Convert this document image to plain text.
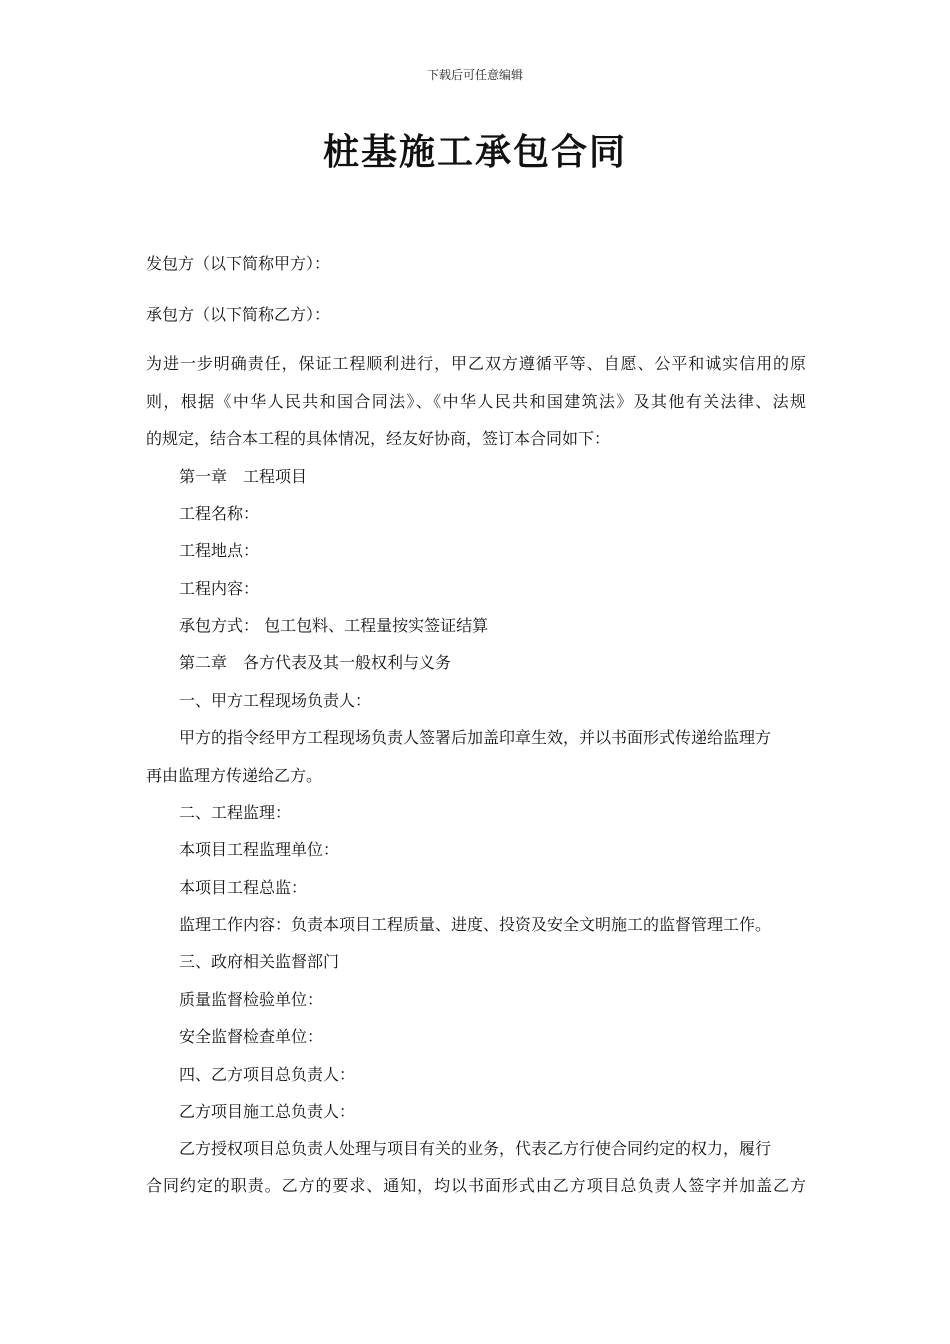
下载后可任意编辑
桩基施工承包合同

发包方（以下简称甲方）：

承包方（以下简称乙方）：

为进一步明确责任，保证工程顺利进行，甲乙双方遵循平等、自愿、公平和诚实信用的原

则，根据《中华人民共和国合同法》、《中华人民共和国建筑法》及其他有关法律、法规

的规定，结合本工程的具体情况，经友好协商，签订本合同如下：

第一章　工程项目

工程名称：

工程地点：

工程内容：

承包方式： 包工包料、工程量按实签证结算

第二章　各方代表及其一般权利与义务

一、甲方工程现场负责人：

甲方的指令经甲方工程现场负责人签署后加盖印章生效，并以书面形式传递给监理方

再由监理方传递给乙方。

二、工程监理：

本项目工程监理单位：

本项目工程总监：

监理工作内容：负责本项目工程质量、进度、投资及安全文明施工的监督管理工作。

三、政府相关监督部门

质量监督检验单位：

安全监督检查单位：

四、乙方项目总负责人：

乙方项目施工总负责人：

乙方授权项目总负责人处理与项目有关的业务，代表乙方行使合同约定的权力，履行

合同约定的职责。乙方的要求、通知，均以书面形式由乙方项目总负责人签字并加盖乙方
